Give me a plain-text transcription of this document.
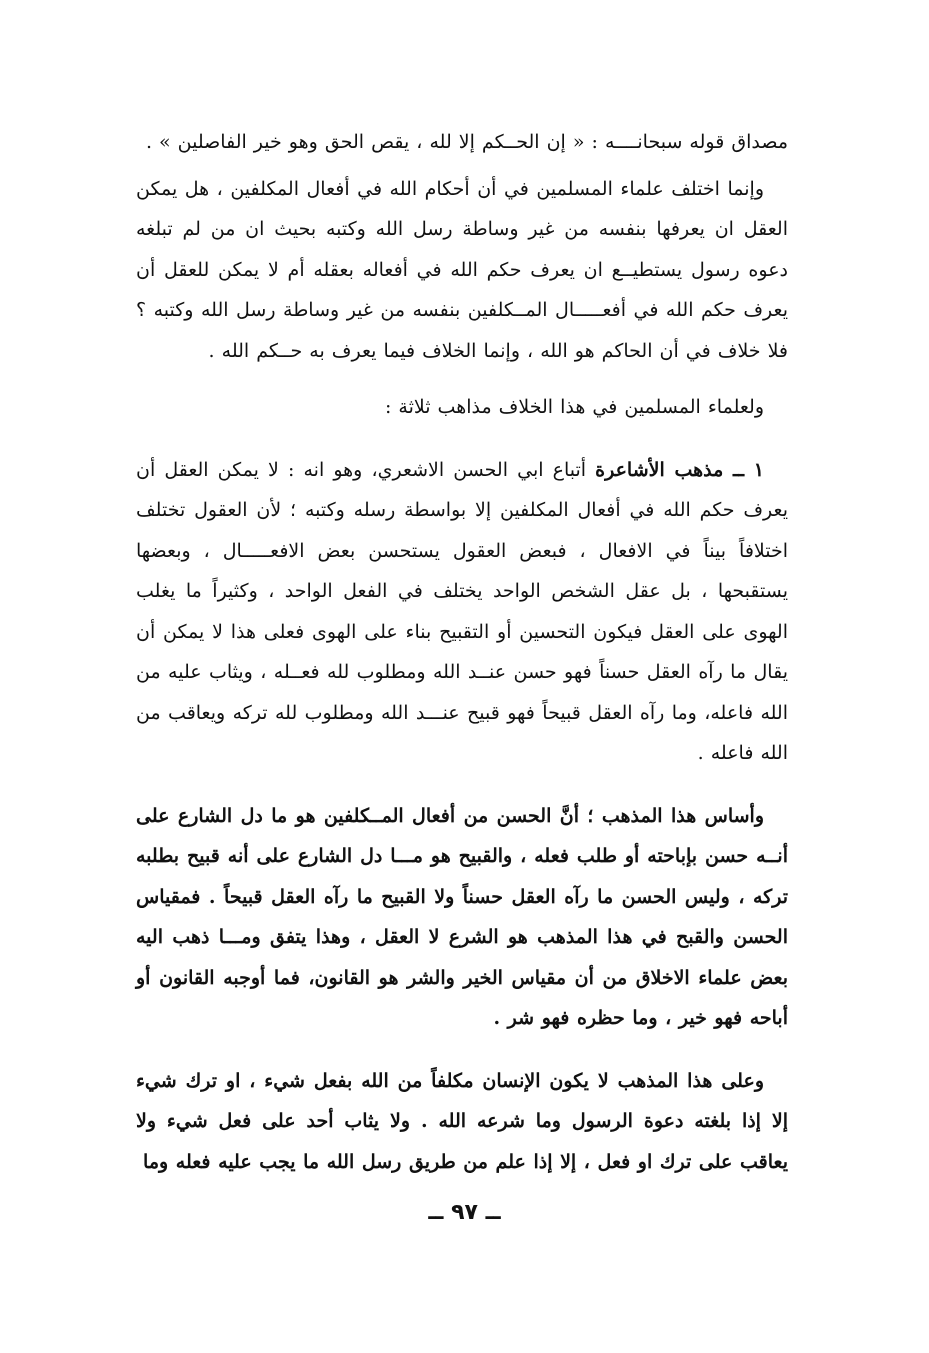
مصداق قوله سبحانــــه : « إن الحــكم إلا لله ، يقص الحق وهو خير الفاصلين » .

وإنما اختلف علماء المسلمين في أن أحكام الله في أفعال المكلفين ، هل يمكن العقل ان يعرفها بنفسه من غير وساطة رسل الله وكتبه بحيث ان من لم تبلغه دعوه رسول يستطيــع ان يعرف حكم الله في أفعاله بعقله أم لا يمكن للعقل أن يعرف حكم الله في أفعـــــال المــكلفين بنفسه من غير وساطة رسل الله وكتبه ؟ فلا خلاف في أن الحاكم هو الله ، وإنما الخلاف فيما يعرف به حــكم الله .

ولعلماء المسلمين في هذا الخلاف مذاهب ثلاثة :

١ ــ مذهب الأشاعرة أتباع ابي الحسن الاشعري، وهو انه : لا يمكن العقل أن يعرف حكم الله في أفعال المكلفين إلا بواسطة رسله وكتبه ؛ لأن العقول تختلف اختلافاً بيناً في الافعال ، فبعض العقول يستحسن بعض الافعـــــال ، وبعضها يستقبحها ، بل عقل الشخص الواحد يختلف في الفعل الواحد ، وكثيراً ما يغلب الهوى على العقل فيكون التحسين أو التقبيح بناء على الهوى فعلى هذا لا يمكن أن يقال ما رآه العقل حسناً فهو حسن عنــد الله ومطلوب لله فعــله ، ويثاب عليه من الله فاعله، وما رآه العقل قبيحاً فهو قبيح عنـــد الله ومطلوب لله تركه ويعاقب من الله فاعله .

وأساس هذا المذهب ؛ أنَّ الحسن من أفعال المــكلفين هو ما دل الشارع على أنــه حسن بإباحته أو طلب فعله ، والقبيح هو مـــا دل الشارع على أنه قبيح بطلبه تركه ، وليس الحسن ما رآه العقل حسناً ولا القبيح ما رآه العقل قبيحاً . فمقياس الحسن والقبح في هذا المذهب هو الشرع لا العقل ، وهذا يتفق ومـــا ذهب اليه بعض علماء الاخلاق من أن مقياس الخير والشر هو القانون، فما أوجبه القانون أو أباحه فهو خير ، وما حظره فهو شر .

وعلى هذا المذهب لا يكون الإنسان مكلفاً من الله بفعل شيء ، او ترك شيء إلا إذا بلغته دعوة الرسول وما شرعه الله . ولا يثاب أحد على فعل شيء ولا يعاقب على ترك او فعل ، إلا إذا علم من طريق رسل الله ما يجب عليه فعله وما

ــ ٩٧ ــ
